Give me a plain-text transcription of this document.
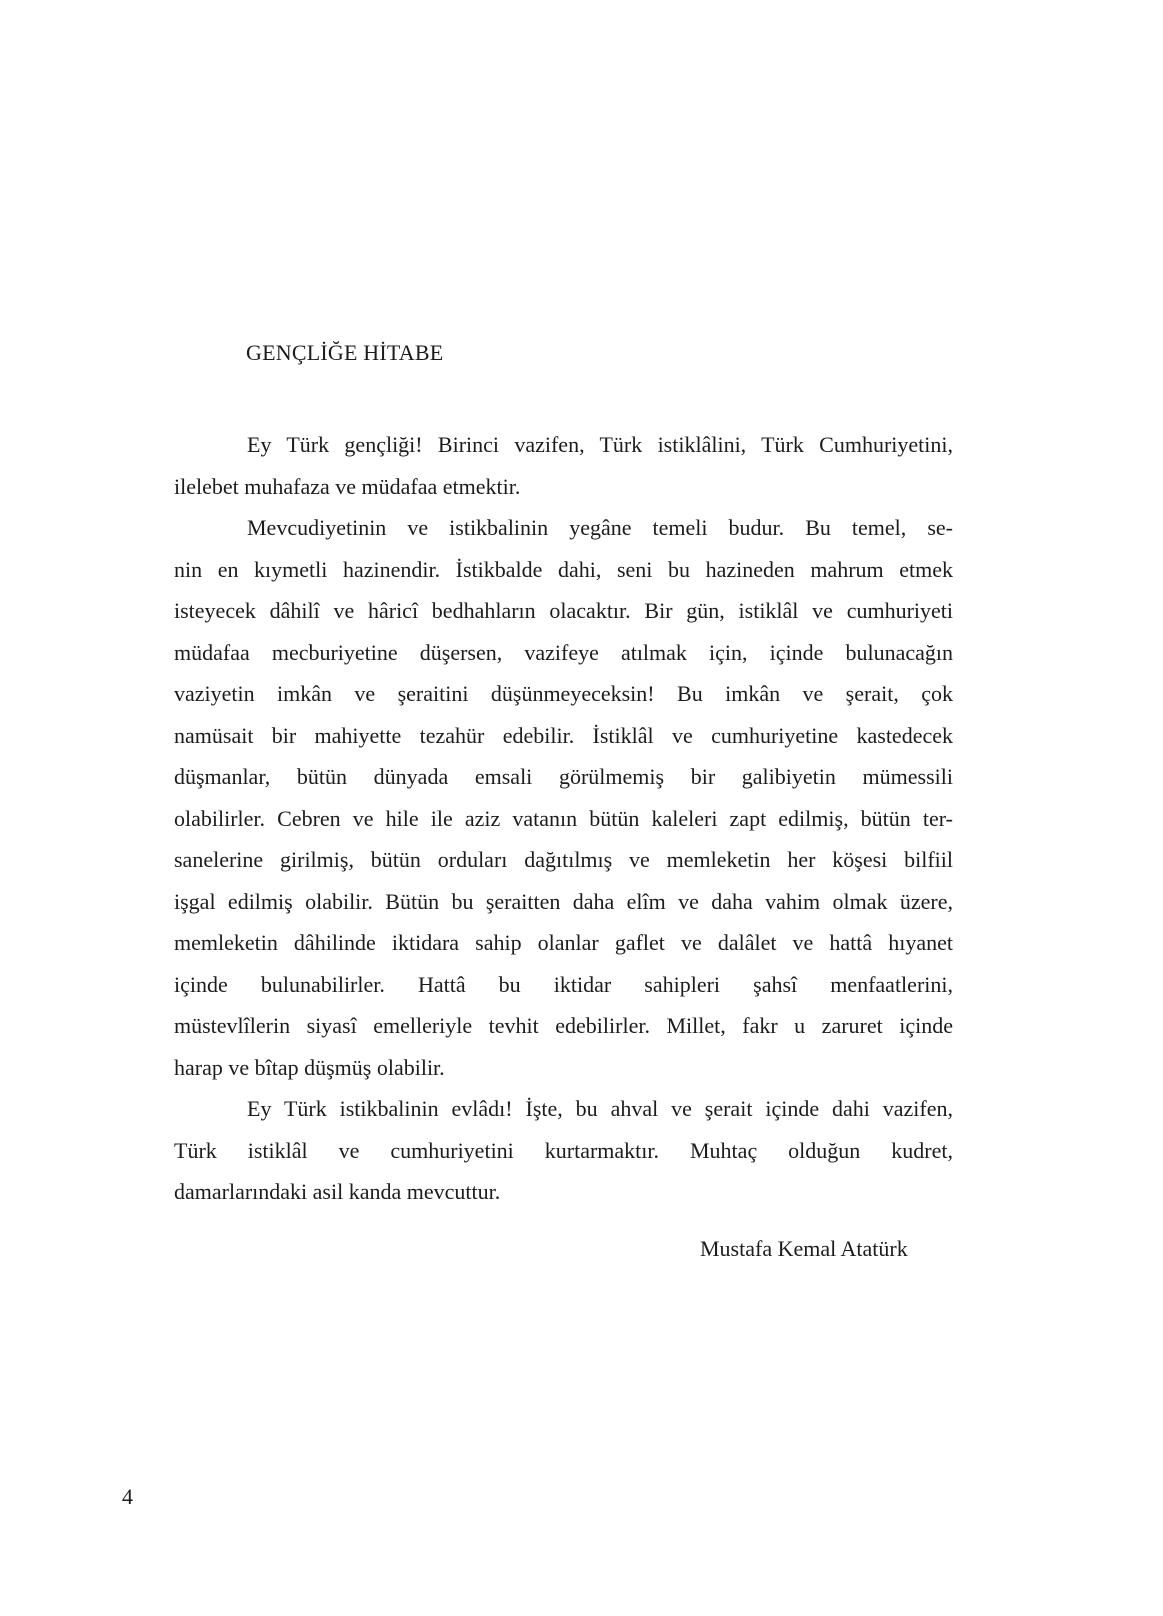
GENÇLİĞE HİTABE
Ey Türk gençliği! Birinci vazifen, Türk istiklâlini, Türk Cumhuriyetini,
ilelebet muhafaza ve müdafaa etmektir.
Mevcudiyetinin ve istikbalinin yegâne temeli budur. Bu temel, se-
nin en kıymetli hazinendir. İstikbalde dahi, seni bu hazineden mahrum etmek
isteyecek dâhilî ve hâricî bedhahların olacaktır. Bir gün, istiklâl ve cumhuriyeti
müdafaa mecburiyetine düşersen, vazifeye atılmak için, içinde bulunacağın
vaziyetin imkân ve şeraitini düşünmeyeceksin! Bu imkân ve şerait, çok
namüsait bir mahiyette tezahür edebilir. İstiklâl ve cumhuriyetine kastedecek
düşmanlar, bütün dünyada emsali görülmemiş bir galibiyetin mümessili
olabilirler. Cebren ve hile ile aziz vatanın bütün kaleleri zapt edilmiş, bütün ter-
sanelerine girilmiş, bütün orduları dağıtılmış ve memleketin her köşesi bilfiil
işgal edilmiş olabilir. Bütün bu şeraitten daha elîm ve daha vahim olmak üzere,
memleketin dâhilinde iktidara sahip olanlar gaflet ve dalâlet ve hattâ hıyanet
içinde bulunabilirler. Hattâ bu iktidar sahipleri şahsî menfaatlerini,
müstevlîlerin siyasî emelleriyle tevhit edebilirler. Millet, fakr u zaruret içinde
harap ve bîtap düşmüş olabilir.
Ey Türk istikbalinin evlâdı! İşte, bu ahval ve şerait içinde dahi vazifen,
Türk istiklâl ve cumhuriyetini kurtarmaktır. Muhtaç olduğun kudret,
damarlarındaki asil kanda mevcuttur.
Mustafa Kemal Atatürk
4
